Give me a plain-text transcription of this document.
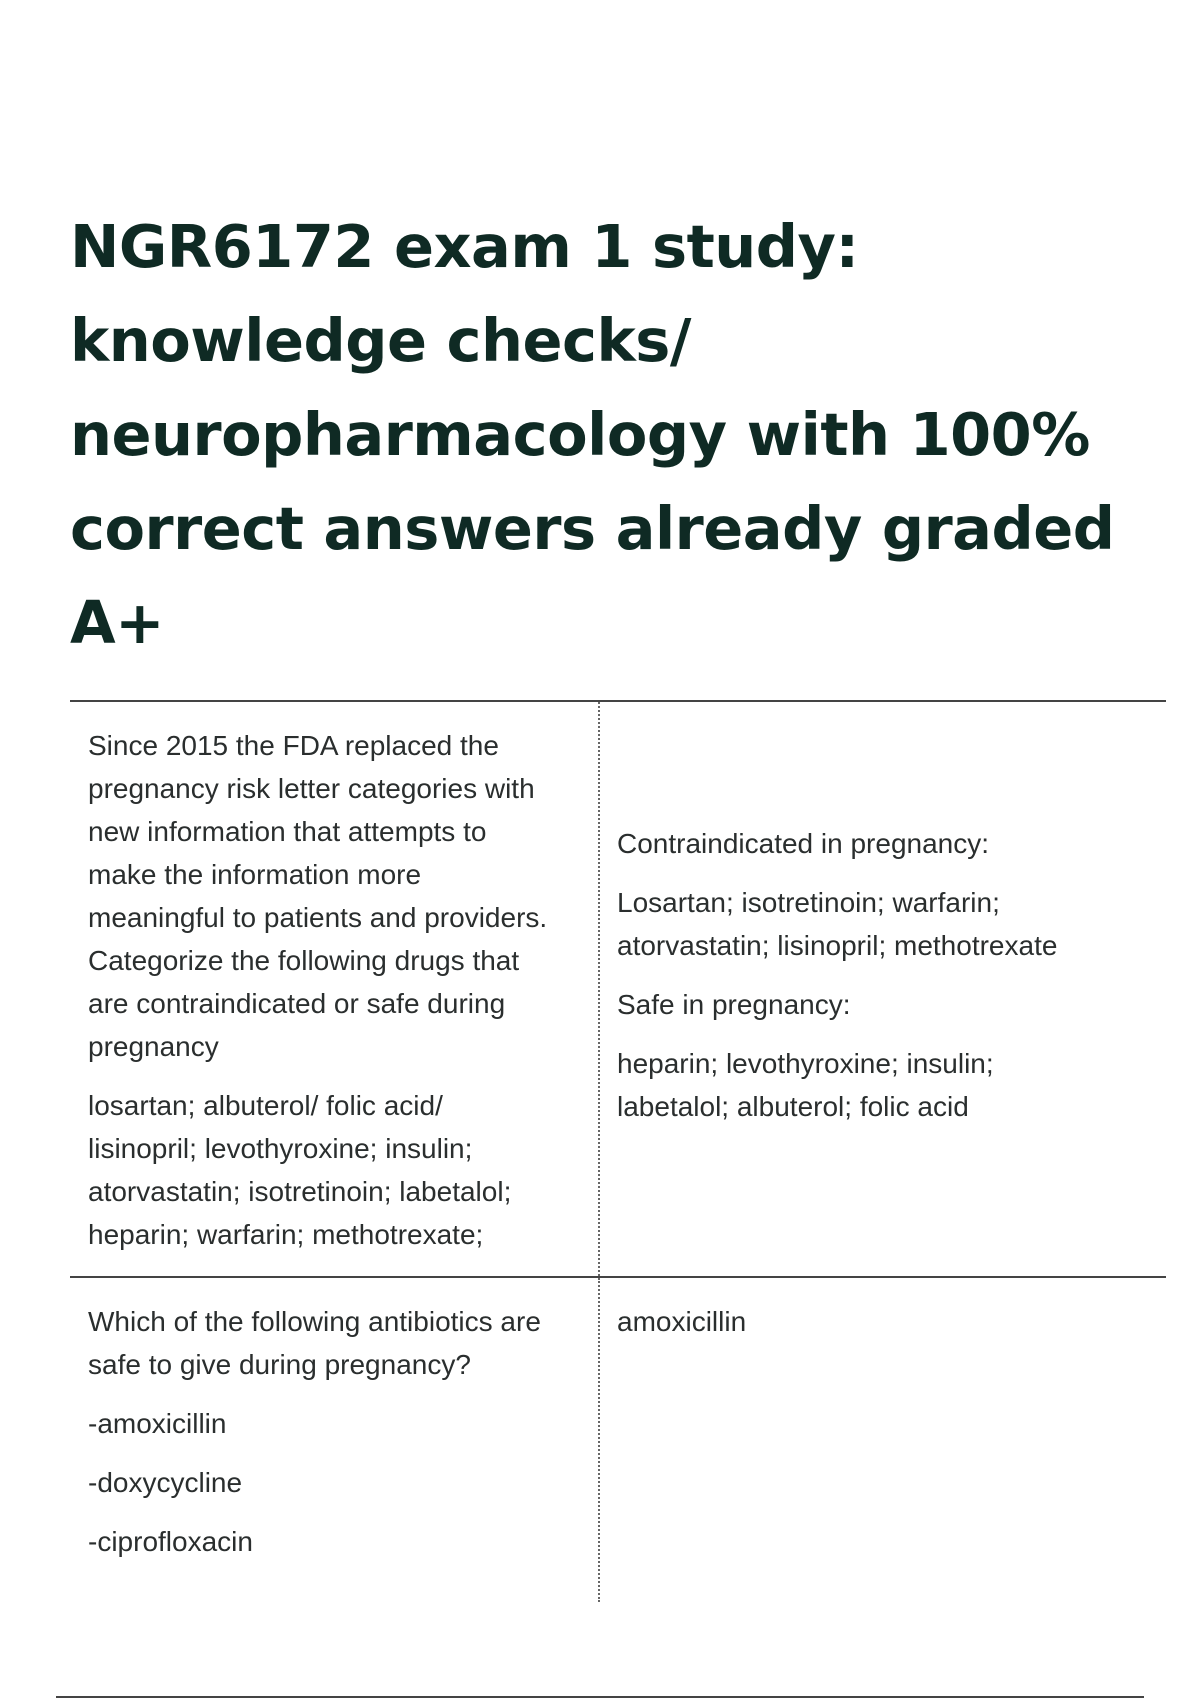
NGR6172 exam 1 study:
knowledge checks/
neuropharmacology with 100%
correct answers already graded
A+
Since 2015 the FDA replaced the
pregnancy risk letter categories with
new information that attempts to
make the information more
meaningful to patients and providers.
Categorize the following drugs that
are contraindicated or safe during
pregnancy
losartan; albuterol/ folic acid/
lisinopril; levothyroxine; insulin;
atorvastatin; isotretinoin; labetalol;
heparin; warfarin; methotrexate;
Contraindicated in pregnancy:
Losartan; isotretinoin; warfarin;
atorvastatin; lisinopril; methotrexate
Safe in pregnancy:
heparin; levothyroxine; insulin;
labetalol; albuterol; folic acid
Which of the following antibiotics are
safe to give during pregnancy?
-amoxicillin
-doxycycline
-ciprofloxacin
amoxicillin
